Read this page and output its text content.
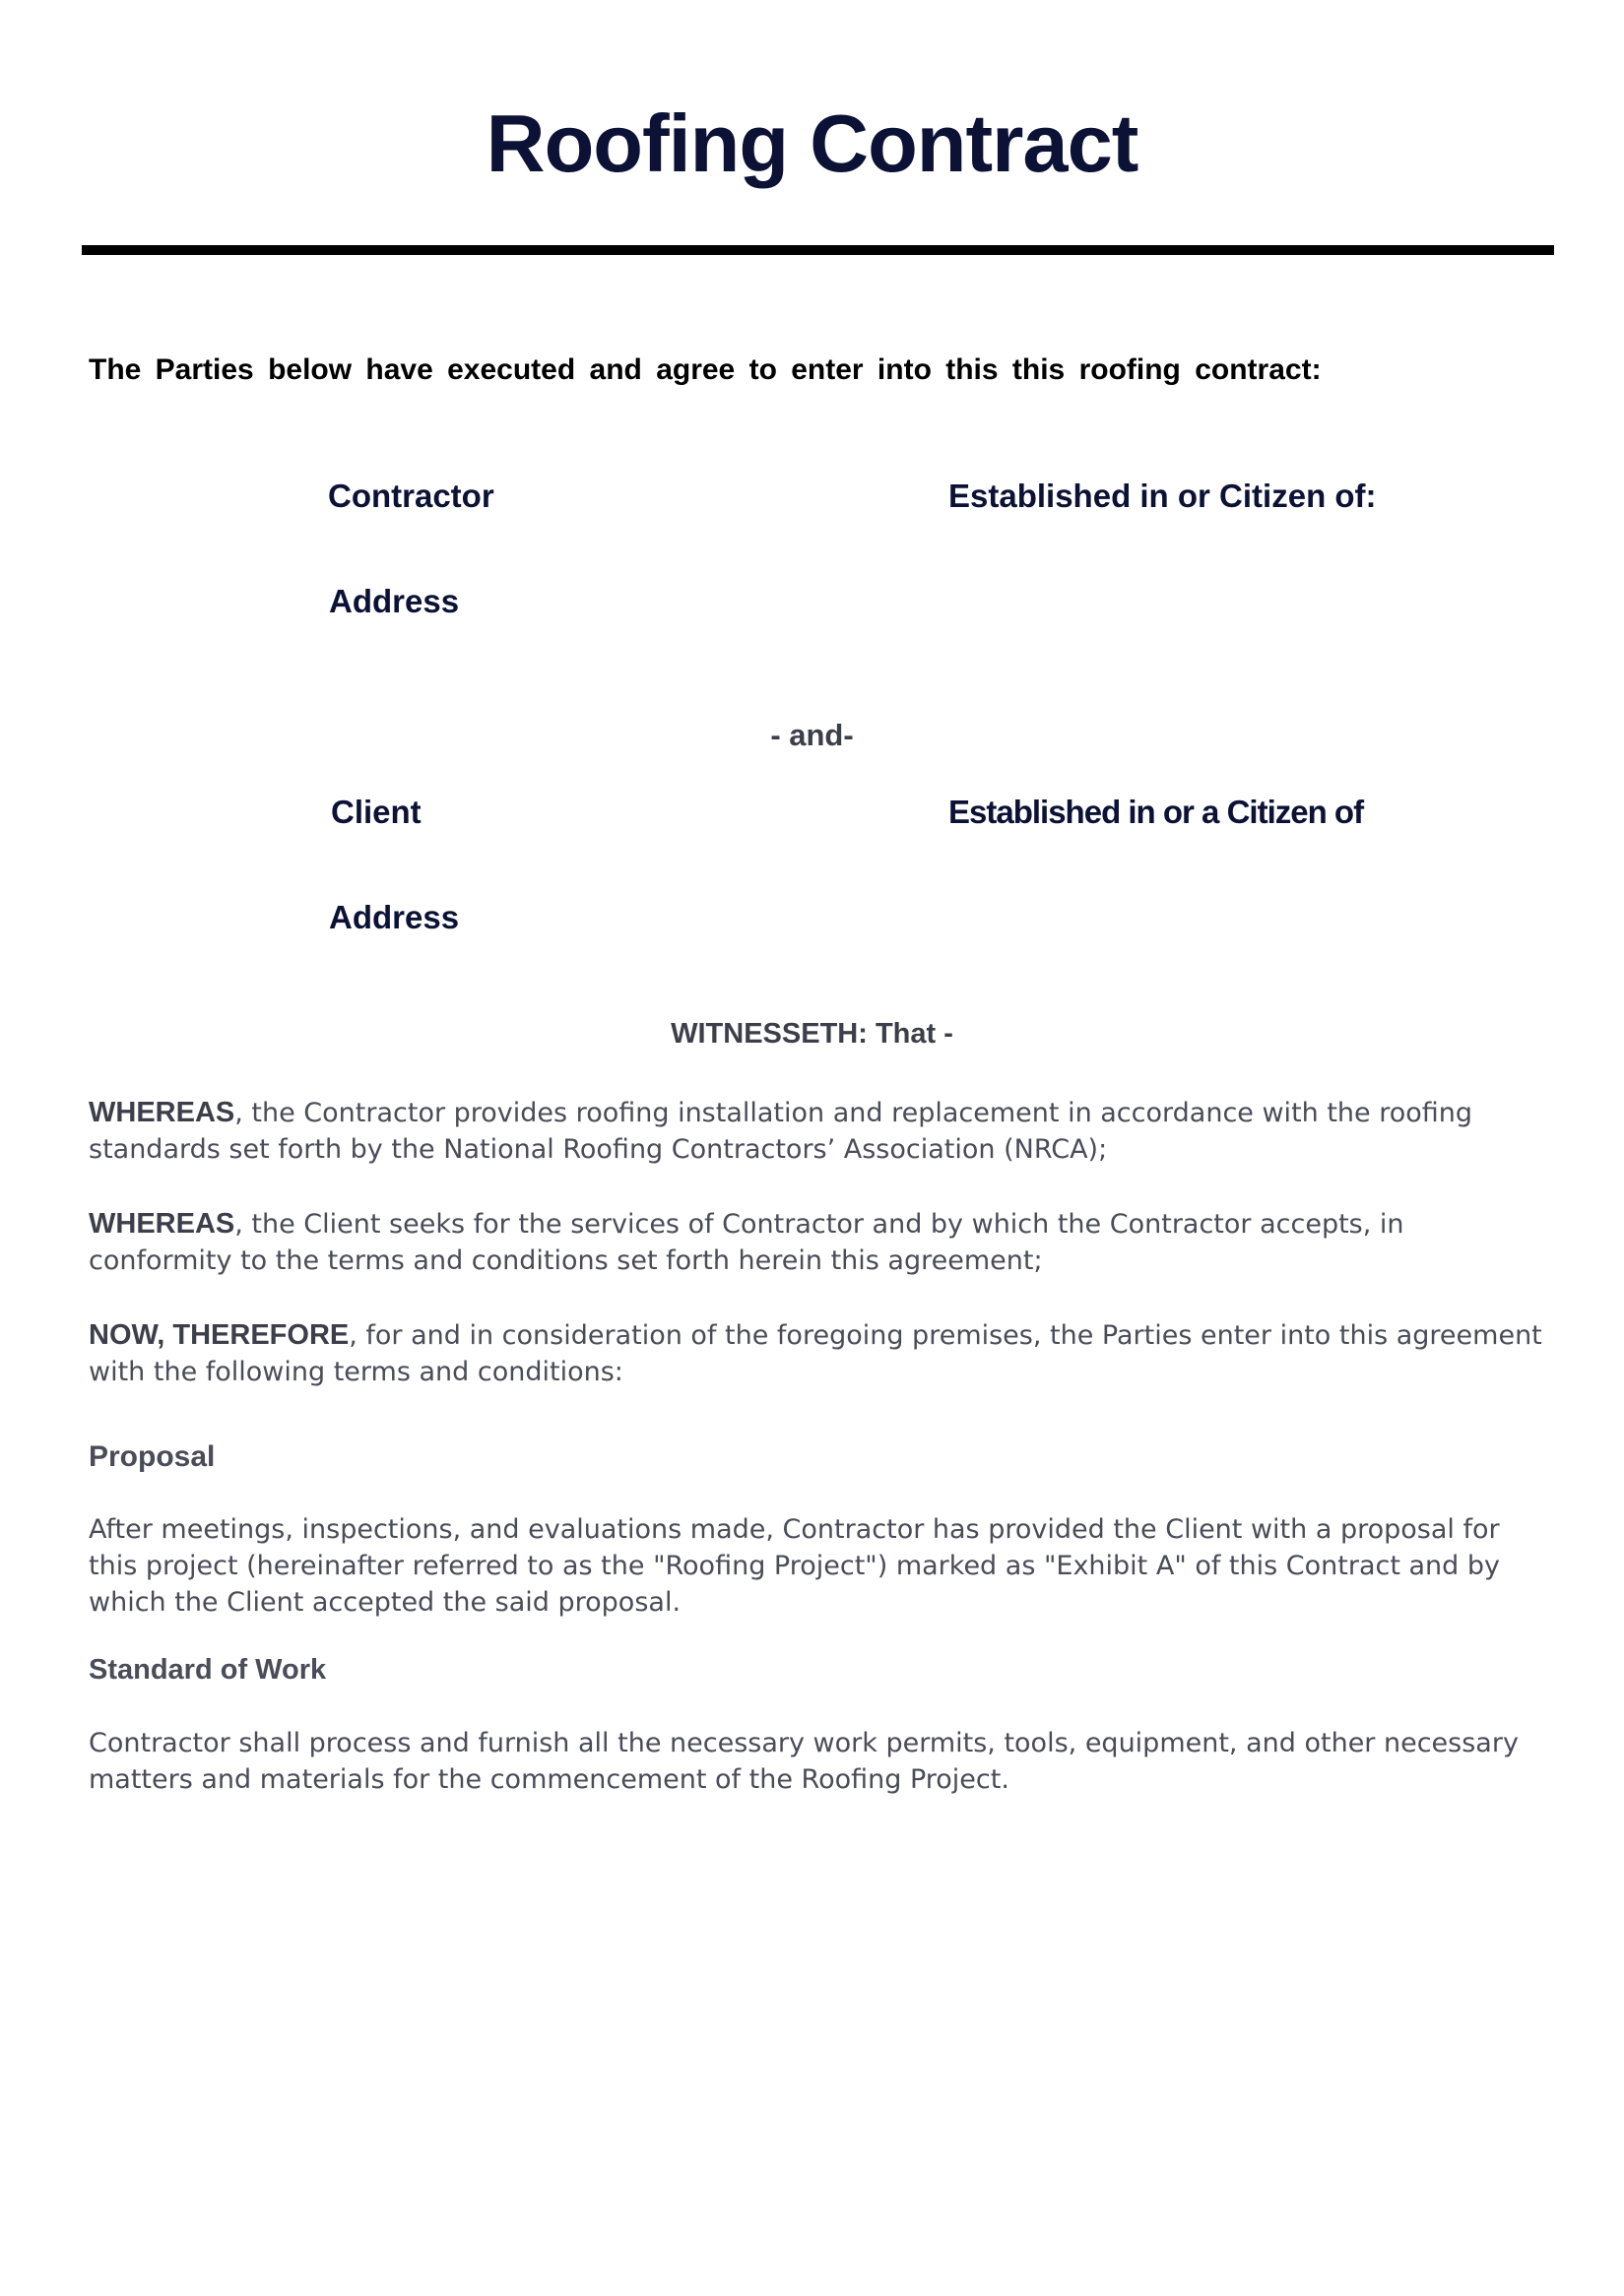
Roofing Contract

The Parties below have executed and agree to enter into this this roofing contract:

Contractor	Established in or Citizen of:
Address
- and-
Client	Established in or a Citizen of
Address
WITNESSETH: That -

WHEREAS, the Contractor provides roofing installation and replacement in accordance with the roofing standards set forth by the National Roofing Contractors’ Association (NRCA);

WHEREAS, the Client seeks for the services of Contractor and by which the Contractor accepts, in conformity to the terms and conditions set forth herein this agreement;

NOW, THEREFORE, for and in consideration of the foregoing premises, the Parties enter into this agreement with the following terms and conditions:

Proposal

After meetings, inspections, and evaluations made, Contractor has provided the Client with a proposal for this project (hereinafter referred to as the "Roofing Project") marked as "Exhibit A" of this Contract and by which the Client accepted the said proposal.

Standard of Work

Contractor shall process and furnish all the necessary work permits, tools, equipment, and other necessary matters and materials for the commencement of the Roofing Project.
